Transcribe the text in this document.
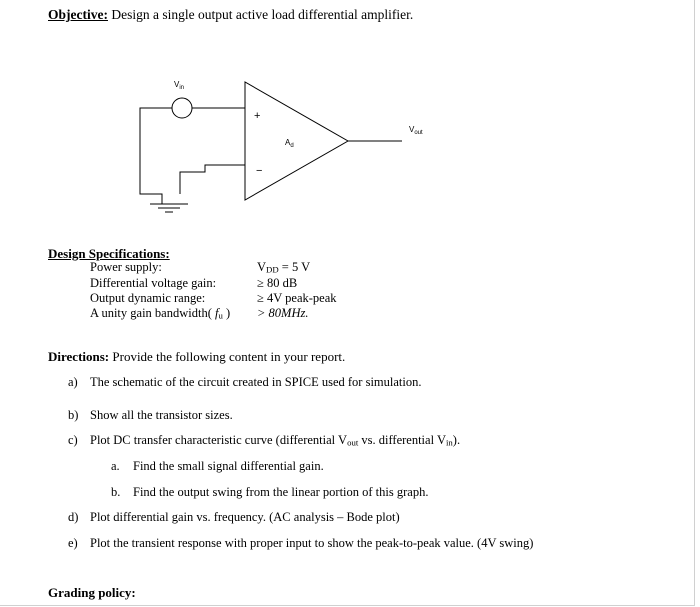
Objective: Design a single output active load differential amplifier.
$V_{in}$
+
−
$A_d$
$V_{out}$
Design Specifications:
Power supply:	$V_{DD} = 5$ V
Differential voltage gain:	≥ 80 dB
Output dynamic range:	≥ 4V peak-peak
A unity gain bandwidth( $f_u$ ) > 80MHz.
Directions: Provide the following content in your report.
a) The schematic of the circuit created in SPICE used for simulation.
b) Show all the transistor sizes.
c) Plot DC transfer characteristic curve (differential $V_{out}$ vs. differential $V_{in}$).
a. Find the small signal differential gain.
b. Find the output swing from the linear portion of this graph.
d) Plot differential gain vs. frequency. (AC analysis – Bode plot)
e) Plot the transient response with proper input to show the peak-to-peak value. (4V swing)
Grading policy:
